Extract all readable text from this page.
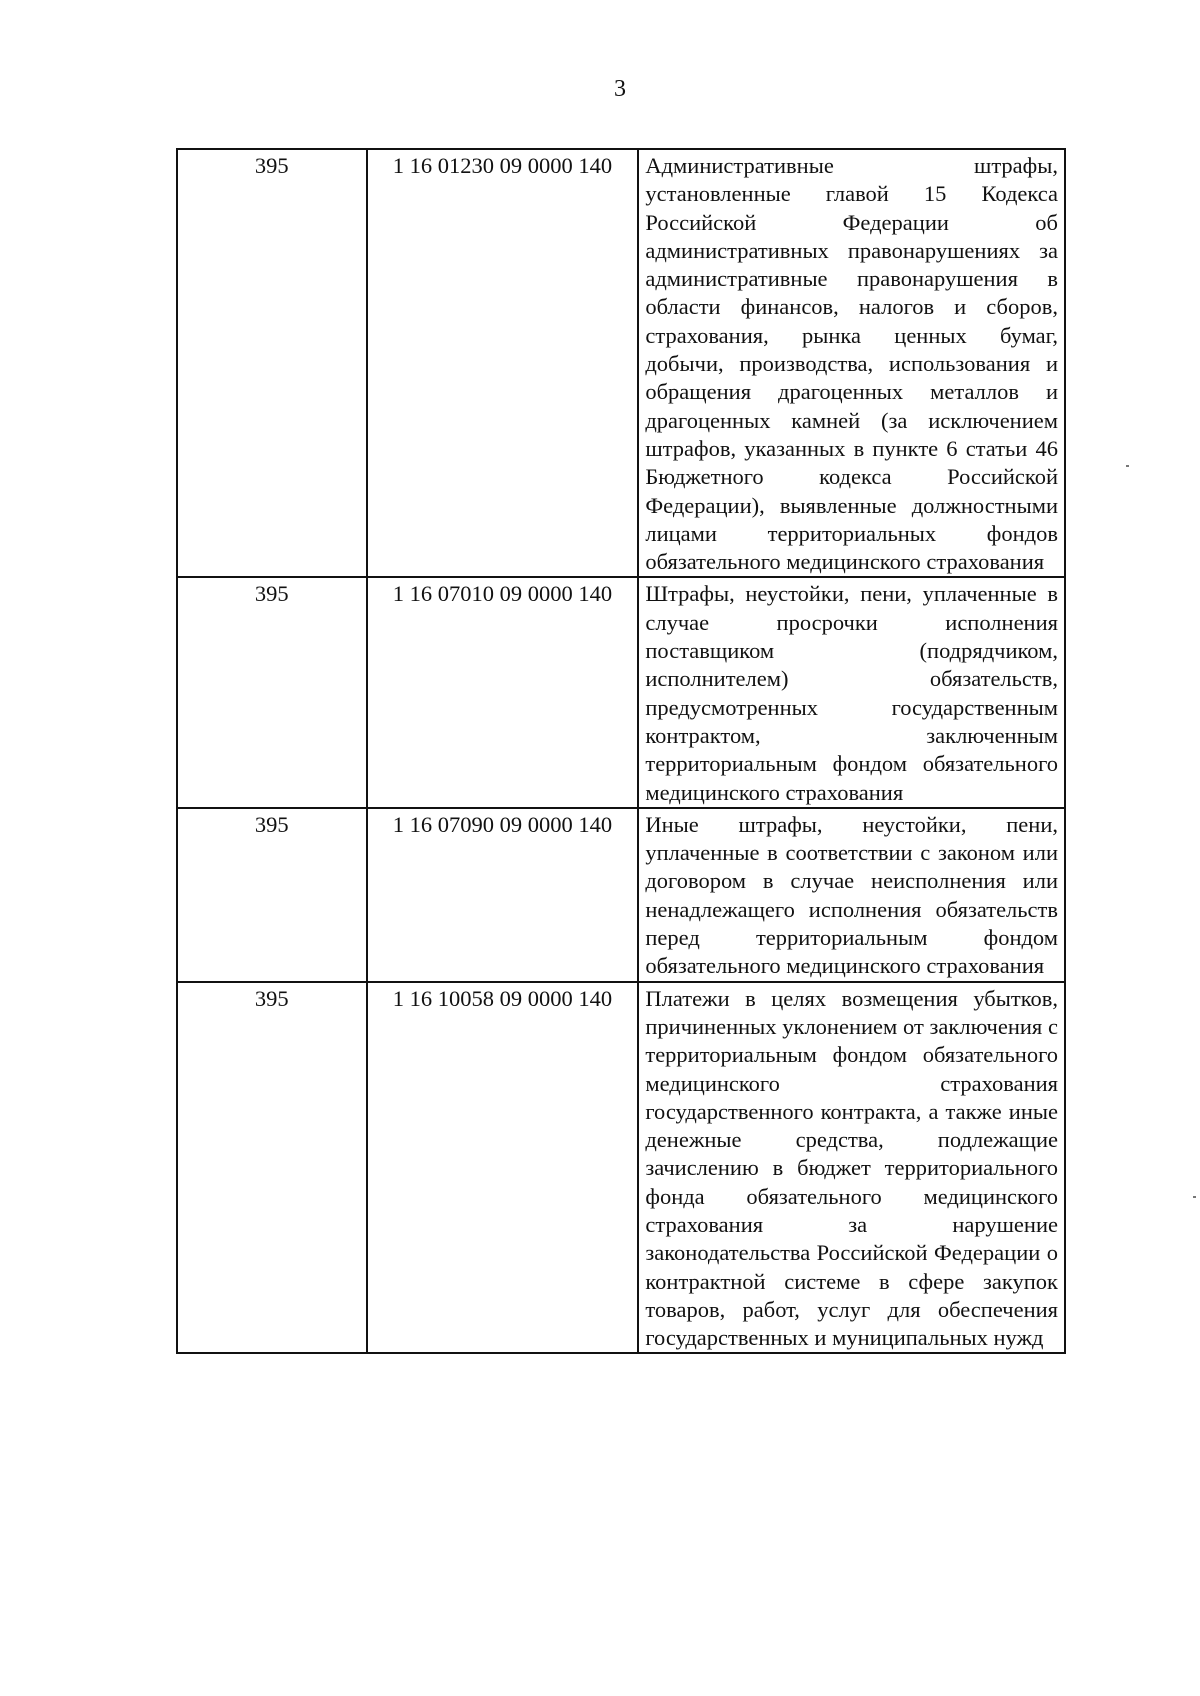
3
395	1 16 01230 09 0000 140	Административные штрафы, установленные главой 15 Кодекса Российской Федерации об административных правонарушениях за административные правонарушения в области финансов, налогов и сборов, страхования, рынка ценных бумаг, добычи, производства, использования и обращения драгоценных металлов и драгоценных камней (за исключением штрафов, указанных в пункте 6 статьи 46 Бюджетного кодекса Российской Федерации), выявленные должностными лицами территориальных фондов обязательного медицинского страхования
395	1 16 07010 09 0000 140	Штрафы, неустойки, пени, уплаченные в случае просрочки исполнения поставщиком (подрядчиком, исполнителем) обязательств, предусмотренных государственным контрактом, заключенным территориальным фондом обязательного медицинского страхования
395	1 16 07090 09 0000 140	Иные штрафы, неустойки, пени, уплаченные в соответствии с законом или договором в случае неисполнения или ненадлежащего исполнения обязательств перед территориальным фондом обязательного медицинского страхования
395	1 16 10058 09 0000 140	Платежи в целях возмещения убытков, причиненных уклонением от заключения с территориальным фондом обязательного медицинского страхования государственного контракта, а также иные денежные средства, подлежащие зачислению в бюджет территориального фонда обязательного медицинского страхования за нарушение законодательства Российской Федерации о контрактной системе в сфере закупок товаров, работ, услуг для обеспечения государственных и муниципальных нужд
